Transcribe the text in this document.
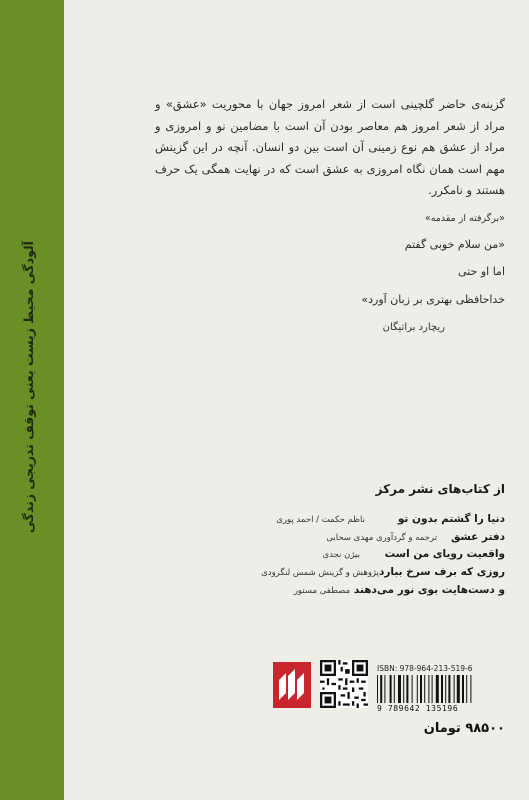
آلودگی محیط زیست یعنی توقف تدریجی زندگی

گزینه‌ی حاضر گلچینی است از شعر امروز جهان با محوریت «عشق» و مراد از شعر امروز هم معاصر بودن آن است با مضامین نو و امروزی و مراد از عشق هم نوع زمینی آن است بین دو انسان. آنچه در این گزینش مهم است همان نگاه امروزی به عشق است که در نهایت همگی یک حرف هستند و نامکرر.

«برگرفته از مقدمه»
«من سلام خوبی گفتم
اما او حتی
خداحافظی بهتری بر زبان آورد»
ریچارد براتیگان
از کتاب‌های نشر مرکز
دنیا را گشتم بدون تو
ناظم حکمت / احمد پوری
دفتر عشق
ترجمه و گردآوری مهدی سحابی
واقعیت رویای من است
بیژن نجدی
روزی که برف سرخ ببارد
پژوهش و گزینش شمس لنگرودی
و دست‌هایت بوی نور می‌دهند
مصطفی مستور
ISBN: 978-964-213-519-6
9 789642 135196
۹۸۵۰۰ تومان
